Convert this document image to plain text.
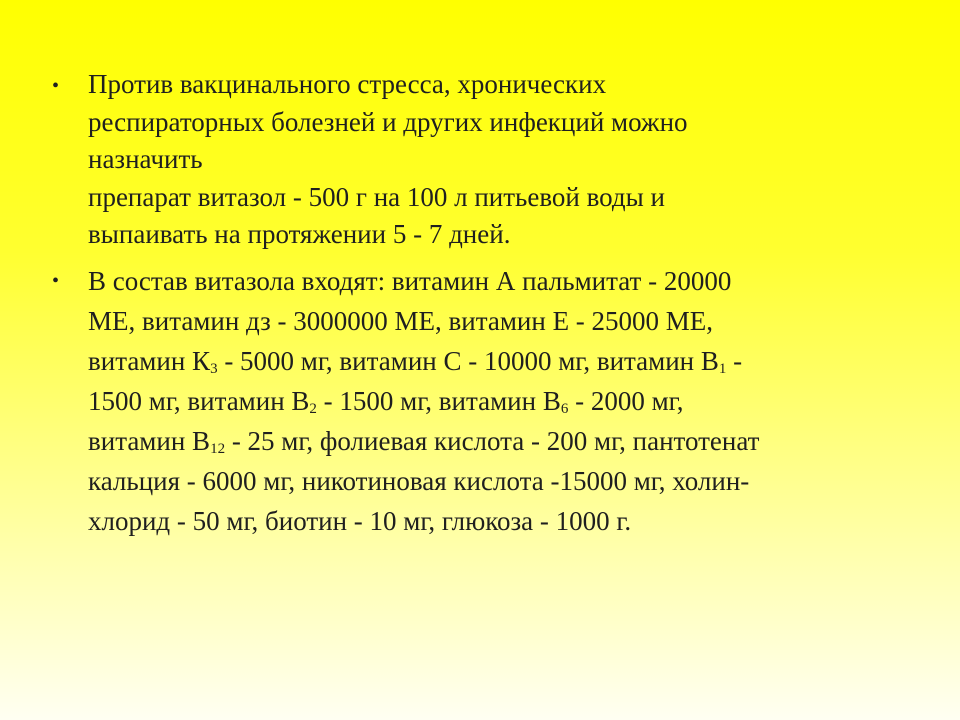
• Против вакцинального стресса, хронических
респираторных болезней и других инфекций можно
назначить
препарат витазол - 500 г на 100 л питьевой воды и
выпаивать на протяжении 5 - 7 дней.
• В состав витазола входят: витамин А пальмитат - 20000
МЕ, витамин дз - 3000000 МЕ, витамин Е - 25000 МЕ,
витамин $К_3 - 5000$ мг, витамин С - 10000 мг, витамин $В_1$ -
1500 мг, витамин $В_2 - 1500$ мг, витамин $В_6 - 2000$ мг,
витамин $В_{12} - 25$ мг, фолиевая кислота - 200 мг, пантотенат
кальция - 6000 мг, никотиновая кислота -15000 мг, холин-
хлорид - 50 мг, биотин - 10 мг, глюкоза - 1000 г.
